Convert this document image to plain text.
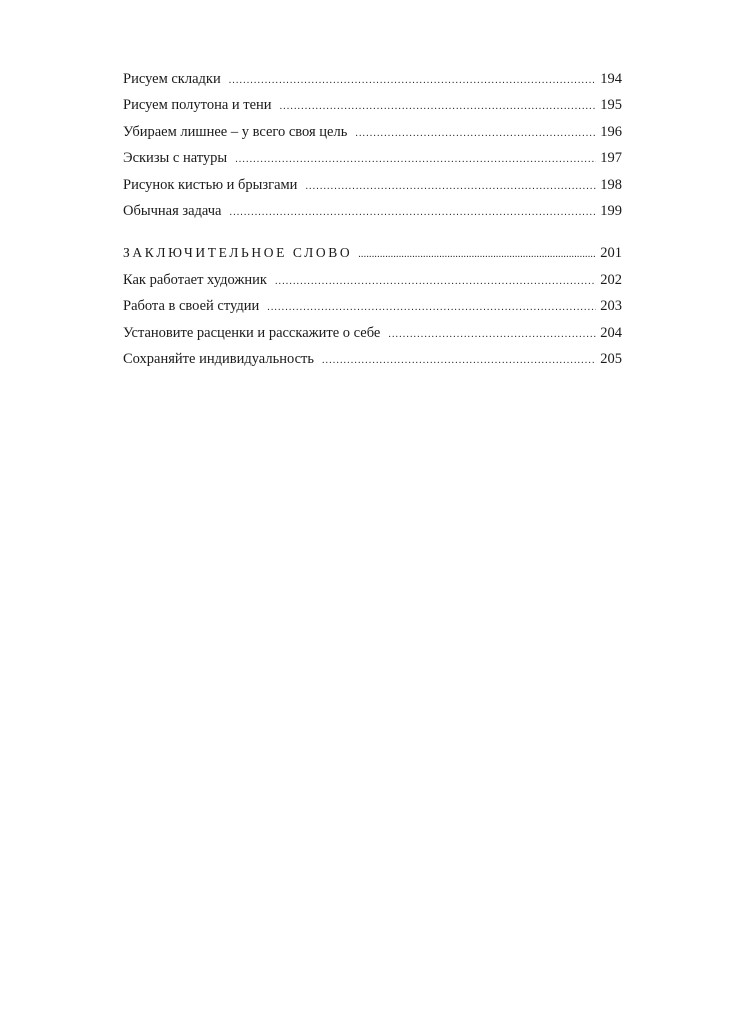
Рисуем складки .....	194
Рисуем полутона и тени .....	195
Убираем лишнее – у всего своя цель .....	196
Эскизы с натуры .....	197
Рисунок кистью и брызгами .....	198
Обычная задача .....	199
ЗАКЛЮЧИТЕЛЬНОЕ СЛОВО .....	201
Как работает художник .....	202
Работа в своей студии .....	203
Установите расценки и расскажите о себе .....	204
Сохраняйте индивидуальность .....	205
